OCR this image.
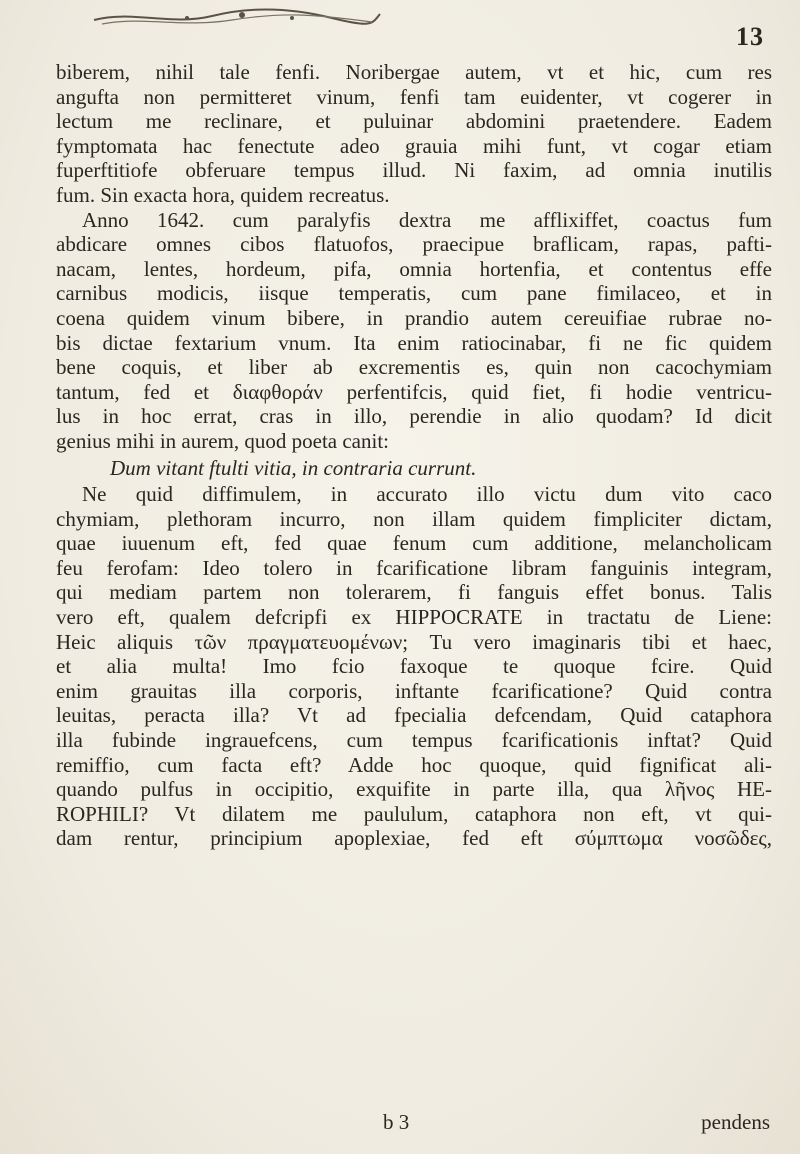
13
biberem, nihil tale fenfi. Noribergae autem, vt et hic, cum res
angufta non permitteret vinum, fenfi tam euidenter, vt cogerer in
lectum me reclinare, et puluinar abdomini praetendere. Eadem
fymptomata hac fenectute adeo grauia mihi funt, vt cogar etiam
fuperftitiofe obferuare tempus illud. Ni faxim, ad omnia inutilis
fum. Sin exacta hora, quidem recreatus.
Anno 1642. cum paralyfis dextra me afflixiffet, coactus fum
abdicare omnes cibos flatuofos, praecipue braflicam, rapas, pafti-
nacam, lentes, hordeum, pifa, omnia hortenfia, et contentus effe
carnibus modicis, iisque temperatis, cum pane fimilaceo, et in
coena quidem vinum bibere, in prandio autem cereuifiae rubrae no-
bis dictae fextarium vnum. Ita enim ratiocinabar, fi ne fic quidem
bene coquis, et liber ab excrementis es, quin non cacochymiam
tantum, fed et διαφθοράν perfentifcis, quid fiet, fi hodie ventricu-
lus in hoc errat, cras in illo, perendie in alio quodam? Id dicit
genius mihi in aurem, quod poeta canit:
Dum vitant ftulti vitia, in contraria currunt.
Ne quid diffimulem, in accurato illo victu dum vito caco
chymiam, plethoram incurro, non illam quidem fimpliciter dictam,
quae iuuenum eft, fed quae fenum cum additione, melancholicam
feu ferofam: Ideo tolero in fcarificatione libram fanguinis integram,
qui mediam partem non tolerarem, fi fanguis effet bonus. Talis
vero eft, qualem defcripfi ex HIPPOCRATE in tractatu de Liene:
Heic aliquis τῶν πραγματευομένων; Tu vero imaginaris tibi et haec,
et alia multa! Imo fcio faxoque te quoque fcire. Quid
enim grauitas illa corporis, inftante fcarificatione? Quid contra
leuitas, peracta illa? Vt ad fpecialia defcendam, Quid cataphora
illa fubinde ingrauefcens, cum tempus fcarificationis inftat? Quid
remiffio, cum facta eft? Adde hoc quoque, quid fignificat ali-
quando pulfus in occipitio, exquifite in parte illa, qua λῆνος HE-
ROPHILI? Vt dilatem me paululum, cataphora non eft, vt qui-
dam rentur, principium apoplexiae, fed eft σύμπτωμα νοσῶδες,
b 3	pendens
